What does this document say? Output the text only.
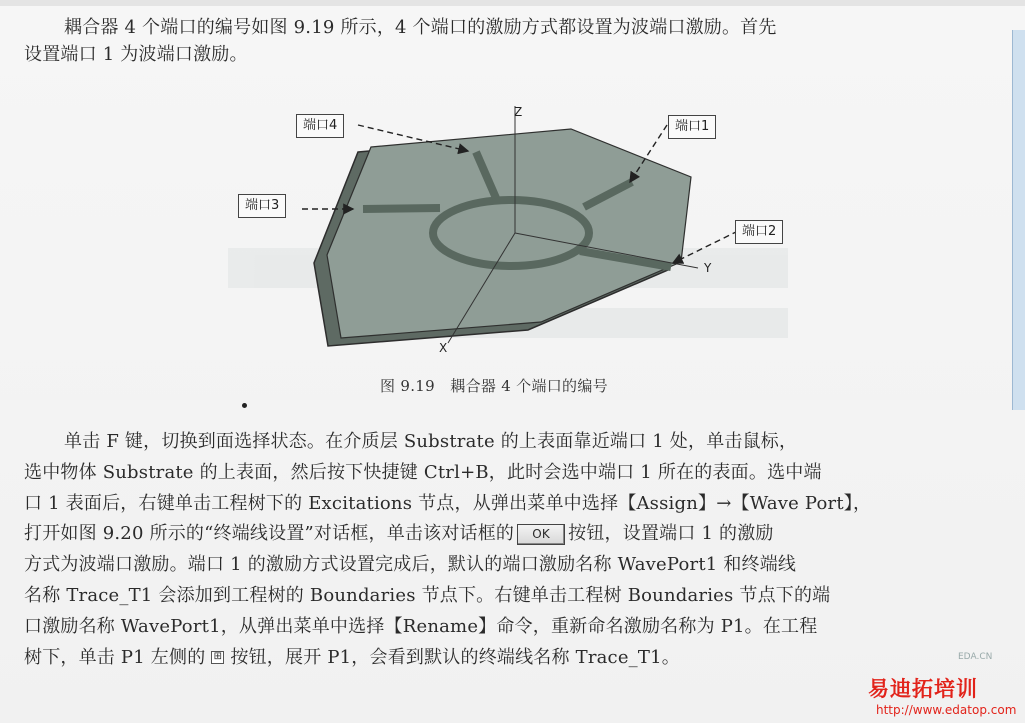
耦合器 4 个端口的编号如图 9.19 所示，4 个端口的激励方式都设置为波端口激励。首先
设置端口 1 为波端口激励。
Z
Y
X
端口4	端口1
端口3
端口2
图 9.19　耦合器 4 个端口的编号
单击 F 键，切换到面选择状态。在介质层 Substrate 的上表面靠近端口 1 处，单击鼠标，
选中物体 Substrate 的上表面，然后按下快捷键 Ctrl+B，此时会选中端口 1 所在的表面。选中端
口 1 表面后，右键单击工程树下的 Excitations 节点，从弹出菜单中选择【Assign】→【Wave Port】，
打开如图 9.20 所示的“终端线设置”对话框，单击该对话框的 OK 按钮，设置端口 1 的激励
方式为波端口激励。端口 1 的激励方式设置完成后，默认的端口激励名称 WavePort1 和终端线
名称 Trace_T1 会添加到工程树的 Boundaries 节点下。右键单击工程树 Boundaries 节点下的端
口激励名称 WavePort1，从弹出菜单中选择【Rename】命令，重新命名激励名称为 P1。在工程
树下，单击 P1 左侧的 ⊞ 按钮，展开 P1，会看到默认的终端线名称 Trace_T1。	EDA.CN
易迪拓培训
http://www.edatop.com
